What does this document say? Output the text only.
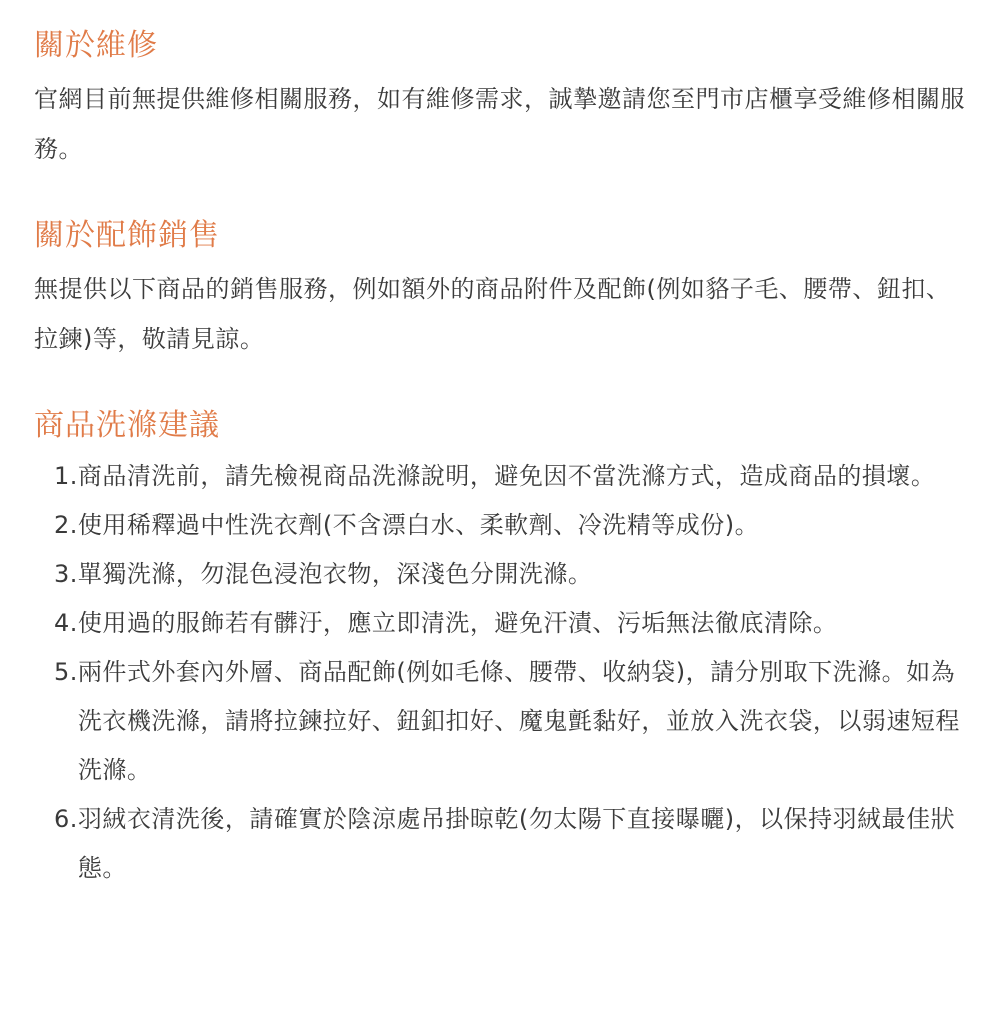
關於維修

官網目前無提供維修相關服務，如有維修需求，誠摯邀請您至門市店櫃享受維修相關服務。

關於配飾銷售

無提供以下商品的銷售服務，例如額外的商品附件及配飾(例如貉子毛、腰帶、鈕扣、拉鍊)等，敬請見諒。

商品洗滌建議
1. 商品清洗前，請先檢視商品洗滌說明，避免因不當洗滌方式，造成商品的損壞。
2. 使用稀釋過中性洗衣劑(不含漂白水、柔軟劑、冷洗精等成份)。
3. 單獨洗滌，勿混色浸泡衣物，深淺色分開洗滌。
4. 使用過的服飾若有髒汙，應立即清洗，避免汗漬、污垢無法徹底清除。
5. 兩件式外套內外層、商品配飾(例如毛條、腰帶、收納袋)，請分別取下洗滌。如為洗衣機洗滌，請將拉鍊拉好、鈕釦扣好、魔鬼氈黏好，並放入洗衣袋，以弱速短程洗滌。
6. 羽絨衣清洗後，請確實於陰涼處吊掛晾乾(勿太陽下直接曝曬)，以保持羽絨最佳狀態。
